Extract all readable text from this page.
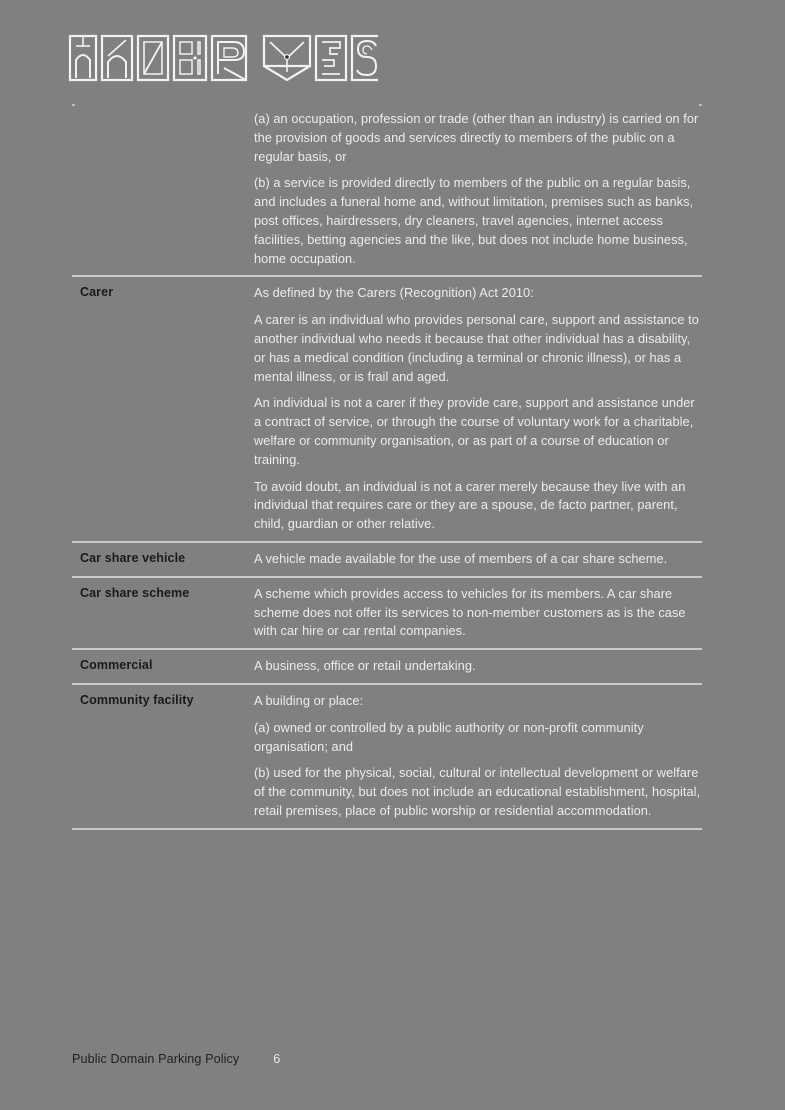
(a) an occupation, profession or trade (other than an industry) is carried on for the provision of goods and services directly to members of the public on a regular basis, or

(b) a service is provided directly to members of the public on a regular basis, and includes a funeral home and, without limitation, premises such as banks, post offices, hairdressers, dry cleaners, travel agencies, internet access facilities, betting agencies and the like, but does not include home business, home occupation.

Carer	As defined by the Carers (Recognition) Act 2010:

A carer is an individual who provides personal care, support and assistance to another individual who needs it because that other individual has a disability, or has a medical condition (including a terminal or chronic illness), or has a mental illness, or is frail and aged.

An individual is not a carer if they provide care, support and assistance under a contract of service, or through the course of voluntary work for a charitable, welfare or community organisation, or as part of a course of education or training.

To avoid doubt, an individual is not a carer merely because they live with an individual that requires care or they are a spouse, de facto partner, parent, child, guardian or other relative.

Car share vehicle	A vehicle made available for the use of members of a car share scheme.

Car share scheme	A scheme which provides access to vehicles for its members. A car share scheme does not offer its services to non-member customers as is the case with car hire or car rental companies.

Commercial	A business, office or retail undertaking.

Community facility	A building or place:

(a) owned or controlled by a public authority or non-profit community organisation; and

(b) used for the physical, social, cultural or intellectual development or welfare of the community, but does not include an educational establishment, hospital, retail premises, place of public worship or residential accommodation.

Public Domain Parking Policy	6
